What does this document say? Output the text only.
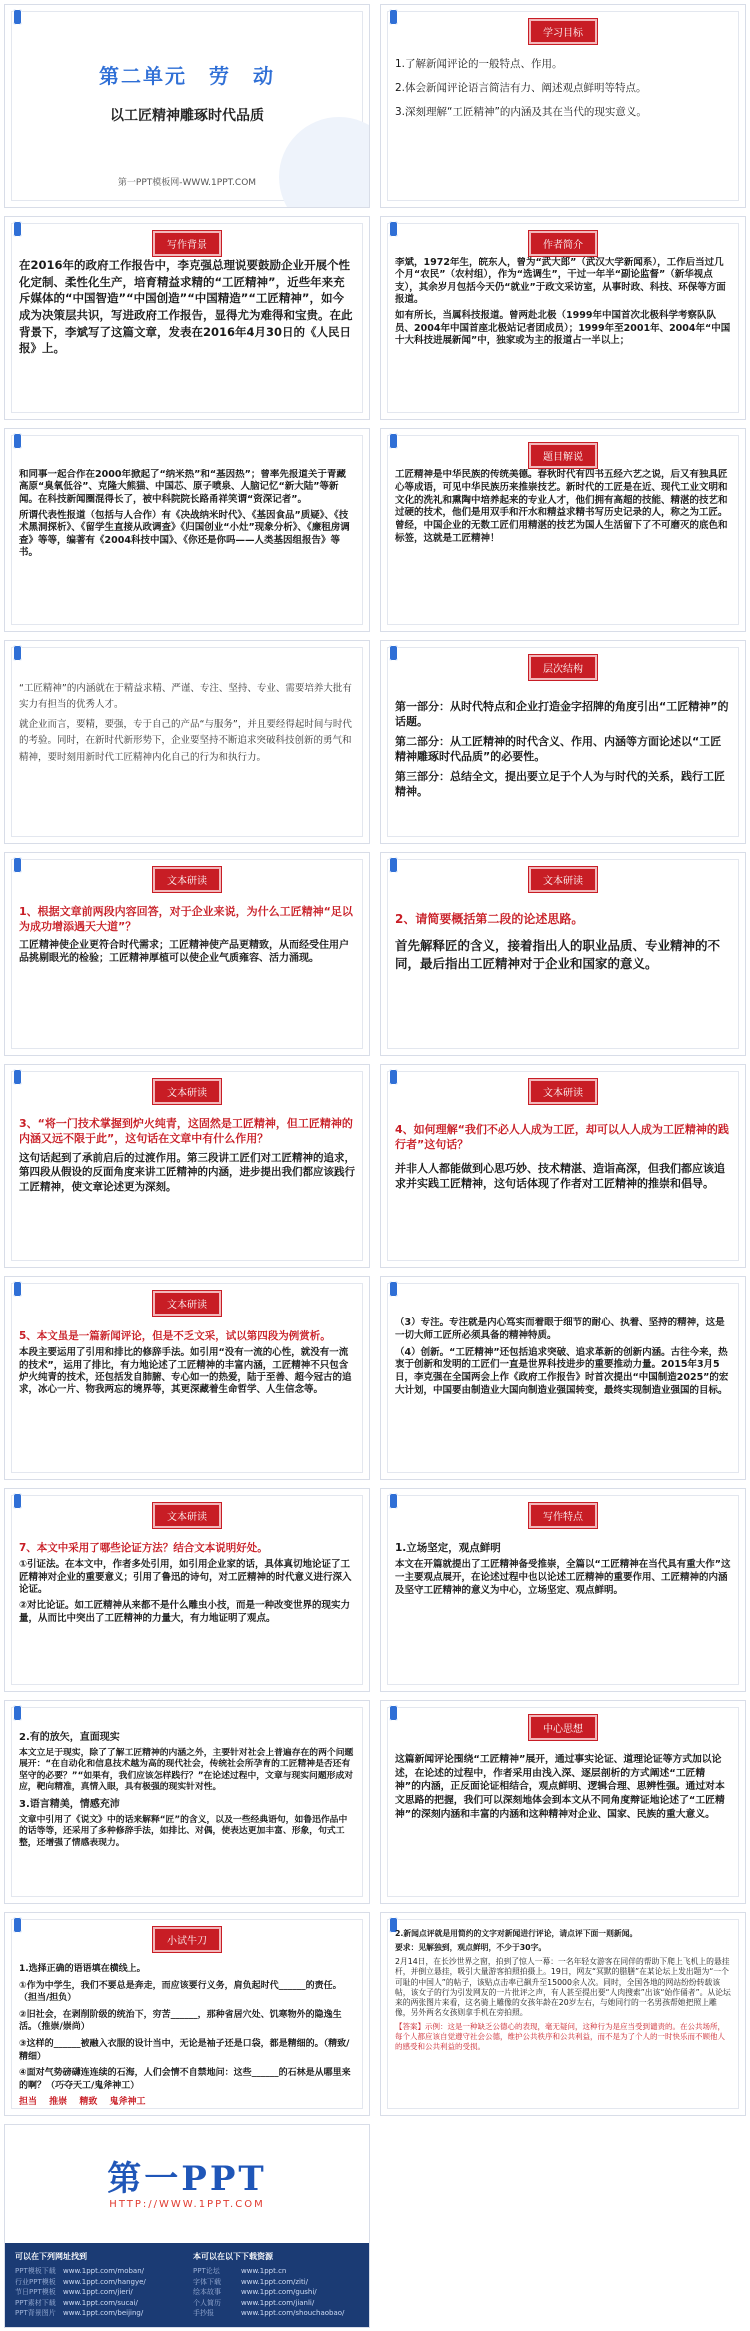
第二单元　劳　动
以工匠精神雕琢时代品质
第一PPT模板网-WWW.1PPT.COM
学习目标

1.了解新闻评论的一般特点、作用。

2.体会新闻评论语言简洁有力、阐述观点鲜明等特点。

3.深刻理解“工匠精神”的内涵及其在当代的现实意义。

写作背景

在2016年的政府工作报告中，李克强总理说要鼓励企业开展个性化定制、柔性化生产，培育精益求精的“工匠精神”，近些年来充斥媒体的“中国智造”“中国创造”“中国精造”“工匠精神”，如今成为决策层共识，写进政府工作报告，显得尤为难得和宝贵。在此背景下，李斌写了这篇文章，发表在2016年4月30日的《人民日报》上。

作者简介

李斌，1972年生，皖东人，曾为“武大郎”（武汉大学新闻系），工作后当过几个月“农民”（农村组），作为“选调生”，干过一年半“副论监督”（新华视点支），其余岁月包括今天仍“就业”于政文采访室，从事时政、科技、环保等方面报道。

如有所长，当属科技报道。曾两赴北极（1999年中国首次北极科学考察队队员、2004年中国首座北极站记者团成员）；1999年至2001年、2004年“中国十大科技进展新闻”中，独家或为主的报道占一半以上；

和同事一起合作在2000年掀起了“纳米热”和“基因热”；曾率先报道关于青藏高原“臭氧低谷”、克隆大熊猫、中国芯、原子喷泉、人脑记忆“新大陆”等新闻。在科技新闻圈混得长了，被中科院院长路甬祥笑谓“资深记者”。

所谓代表性报道（包括与人合作）有《决战纳米时代》、《基因食品”质疑》、《技术黑洞探析》、《留学生直接从政调查》《归国创业“小灶”现象分析》、《廉租房调查》等等，编著有《2004科技中国》、《你还是你吗——人类基因组报告》等书。

题目解说

工匠精神是中华民族的传统美德。春秋时代有四书五经六艺之说，后又有独具匠心等成语，可见中华民族历来推崇技艺。新时代的工匠是在近、现代工业文明和文化的洗礼和熏陶中培养起来的专业人才，他们拥有高超的技能、精湛的技艺和过硬的技术，他们是用双手和汗水和精益求精书写历史记录的人，称之为工匠。曾经，中国企业的无数工匠们用精湛的技艺为国人生活留下了不可磨灭的底色和标签，这就是工匠精神！

“工匠精神”的内涵就在于精益求精、严谨、专注、坚持、专业、需要培养大批有实力有担当的优秀人才。

就企业而言，要精，要强，专于自己的产品“与服务”，并且要经得起时间与时代的考验。同时，在新时代新形势下，企业要坚持不断追求突破科技创新的勇气和精神，要时刻用新时代工匠精神内化自己的行为和执行力。

层次结构

第一部分：从时代特点和企业打造金字招牌的角度引出“工匠精神”的话题。

第二部分：从工匠精神的时代含义、作用、内涵等方面论述以“工匠精神雕琢时代品质”的必要性。

第三部分：总结全文，提出要立足于个人为与时代的关系，践行工匠精神。

文本研读

1、根据文章前两段内容回答，对于企业来说，为什么工匠精神“足以为成功增添遇天大道”？

工匠精神使企业更符合时代需求；工匠精神使产品更精致，从而经受住用户品挑剔眼光的检验；工匠精神厚植可以使企业气质雍容、活力涌现。

文本研读

2、请简要概括第二段的论述思路。

首先解释匠的含义，接着指出人的职业品质、专业精神的不同，最后指出工匠精神对于企业和国家的意义。

文本研读

3、“将一门技术掌握到炉火纯青，这固然是工匠精神，但工匠精神的内涵又远不限于此”，这句话在文章中有什么作用？

这句话起到了承前启后的过渡作用。第三段讲工匠们对工匠精神的追求，第四段从假设的反面角度来讲工匠精神的内涵，进步提出我们都应该践行工匠精神，使文章论述更为深刻。

文本研读

4、如何理解“我们不必人人成为工匠，却可以人人成为工匠精神的践行者”这句话？

并非人人都能做到心思巧妙、技术精湛、造诣高深，但我们都应该追求并实践工匠精神，这句话体现了作者对工匠精神的推崇和倡导。

文本研读

5、本文虽是一篇新闻评论，但是不乏文采，试以第四段为例赏析。

本段主要运用了引用和排比的修辞手法。如引用“没有一流的心性，就没有一流的技术”，运用了排比，有力地论述了工匠精神的丰富内涵，工匠精神不只包含炉火纯青的技术，还包括发自肺腑、专心如一的热爱，陆于至善、超今冠古的追求，冰心一片、物我两忘的境界等，其更深藏着生命哲学、人生信念等。

（3）专注。专注就是内心笃实而着眼于细节的耐心、执着、坚持的精神，这是一切大师工匠所必须具备的精神特质。

（4）创新。“工匠精神”还包括追求突破、追求革新的创新内涵。古往今来，热衷于创新和发明的工匠们一直是世界科技进步的重要推动力量。2015年3月5日，李克强在全国两会上作《政府工作报告》时首次提出“中国制造2025”的宏大计划，中国要由制造业大国向制造业强国转变，最终实现制造业强国的目标。

文本研读

7、本文中采用了哪些论证方法？结合文本说明好处。

①引证法。在本文中，作者多处引用，如引用企业家的话，具体真切地论证了工匠精神对企业的重要意义；引用了鲁迅的诗句，对工匠精神的时代意义进行深入论证。

②对比论证。如工匠精神从来都不是什么雕虫小技，而是一种改变世界的现实力量，从而比中突出了工匠精神的力量大，有力地证明了观点。

写作特点

1.立场坚定，观点鲜明

本文在开篇就提出了工匠精神备受推崇，全篇以“工匠精神在当代具有重大作”这一主要观点展开，在论述过程中也以论述工匠精神的重要作用、工匠精神的内涵及坚守工匠精神的意义为中心，立场坚定、观点鲜明。

2.有的放矢，直面现实

本文立足于现实，除了了解工匠精神的内涵之外，主要针对社会上普遍存在的两个问题展开：“在自动化和信息技术越为高的现代社会，传统社会所孕育的工匠精神是否还有坚守的必要？”“如果有，我们应该怎样践行？”在论述过程中，文章与现实问题形成对应，靶向精准，真情入眼，具有极强的现实针对性。

3.语言精美，情感充沛

文章中引用了《说文》中的话来解释“匠”的含义，以及一些经典语句，如鲁迅作品中的话等等，还采用了多种修辞手法，如排比、对偶，使表达更加丰富、形象，句式工整，还增强了情感表现力。

中心思想

这篇新闻评论围绕“工匠精神”展开，通过事实论证、道理论证等方式加以论述，在论述的过程中，作者采用由浅入深、逐层剖析的方式阐述“工匠精神”的内涵，正反面论证相结合，观点鲜明、逻辑合理、思辨性强。通过对本文思路的把握，我们可以深刻地体会到本文从不同角度辩证地论述了“工匠精神”的深刻内涵和丰富的内涵和这种精神对企业、国家、民族的重大意义。

小试牛刀

1.选择正确的语语填在横线上。

①作为中学生，我们不要总是奔走，而应该要行义务，肩负起时代______的责任。（担当/担负）

②旧社会，在剥削阶级的统治下，穷苦______，那种省居穴处、饥寒物外的隐逸生活。（推崇/崇尚）

③这样的______被融入衣服的设计当中，无论是袖子还是口袋，都是精细的。（精致/精细）

④面对气势磅礴连连续的石海，人们会情不自禁地问：这些______的石林是从哪里来的啊？（巧夺天工/鬼斧神工）

担当　 推崇　 精致　 鬼斧神工

2.新闻点评就是用简约的文字对新闻进行评论，请点评下面一则新闻。

要求：见解独到，观点鲜明，不少于30字。

2月14日，在长沙世界之窗，拍到了惊人一幕：一名年轻女游客在同伴的帮助下爬上飞机上的悬挂杆，并倒立悬挂，吸引大量游客拍照拍摄上。19日，网友“冥默的腊膳”在某论坛上发出题为“一个可耻的中国人”的帖子，该贴点击率已飙升至15000余人次。同时，全国各地的网站纷纷转载该帖，该女子的行为引发网友的一片批评之声，有人甚至提出要“人肉搜索”出该“始作俑者”。从论坛来的两张图片来看，这名骑上雕像的女孩年龄在20岁左右，与她同行的一名男孩帮她把照上雕像，另外两名女孩则拿手机在旁拍照。

【答案】示例：这是一种缺乏公德心的表现，毫无疑问，这种行为是应当受到谴责的。在公共场所，每个人都应该自觉遵守社会公德，维护公共秩序和公共利益，而不是为了个人的一时快乐而不顾他人的感受和公共利益的受损。

第一PPT
HTTP://WWW.1PPT.COM
可以在下列网址找到
PPT模板下载	www.1ppt.com/moban/
行业PPT模板	www.1ppt.com/hangye/
节日PPT模板	www.1ppt.com/jieri/
PPT素材下载	www.1ppt.com/sucai/
PPT背景图片	www.1ppt.com/beijing/
本可以在以下下载资源
PPT论坛	www.1ppt.cn
字体下载	www.1ppt.com/ziti/
绘本故事	www.1ppt.com/gushi/
个人简历	www.1ppt.com/jianli/
手抄报	www.1ppt.com/shouchaobao/
